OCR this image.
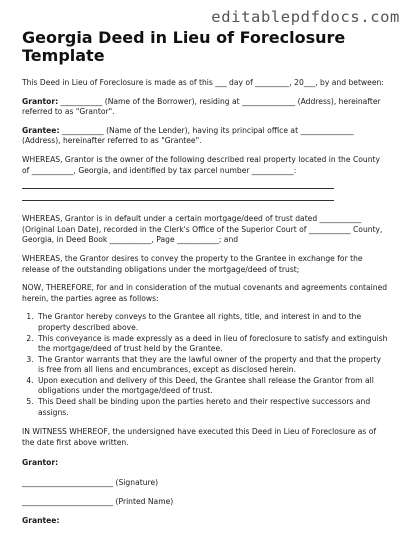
editablepdfdocs.com
Georgia Deed in Lieu of Foreclosure Template

This Deed in Lieu of Foreclosure is made as of this ___ day of _________, 20___, by and between:

Grantor: ___________ (Name of the Borrower), residing at ______________ (Address), hereinafter referred to as "Grantor".

Grantee: ___________ (Name of the Lender), having its principal office at ______________ (Address), hereinafter referred to as "Grantee".

WHEREAS, Grantor is the owner of the following described real property located in the County of ___________, Georgia, and identified by tax parcel number ___________:

WHEREAS, Grantor is in default under a certain mortgage/deed of trust dated ___________ (Original Loan Date), recorded in the Clerk's Office of the Superior Court of ___________ County, Georgia, in Deed Book ___________, Page ___________; and

WHEREAS, the Grantor desires to convey the property to the Grantee in exchange for the release of the outstanding obligations under the mortgage/deed of trust;

NOW, THEREFORE, for and in consideration of the mutual covenants and agreements contained herein, the parties agree as follows:

1. The Grantor hereby conveys to the Grantee all rights, title, and interest in and to the property described above.
2. This conveyance is made expressly as a deed in lieu of foreclosure to satisfy and extinguish the mortgage/deed of trust held by the Grantee.
3. The Grantor warrants that they are the lawful owner of the property and that the property is free from all liens and encumbrances, except as disclosed herein.
4. Upon execution and delivery of this Deed, the Grantee shall release the Grantor from all obligations under the mortgage/deed of trust.
5. This Deed shall be binding upon the parties hereto and their respective successors and assigns.

IN WITNESS WHEREOF, the undersigned have executed this Deed in Lieu of Foreclosure as of the date first above written.

Grantor:
________________________ (Signature)
________________________ (Printed Name)
Grantee:
